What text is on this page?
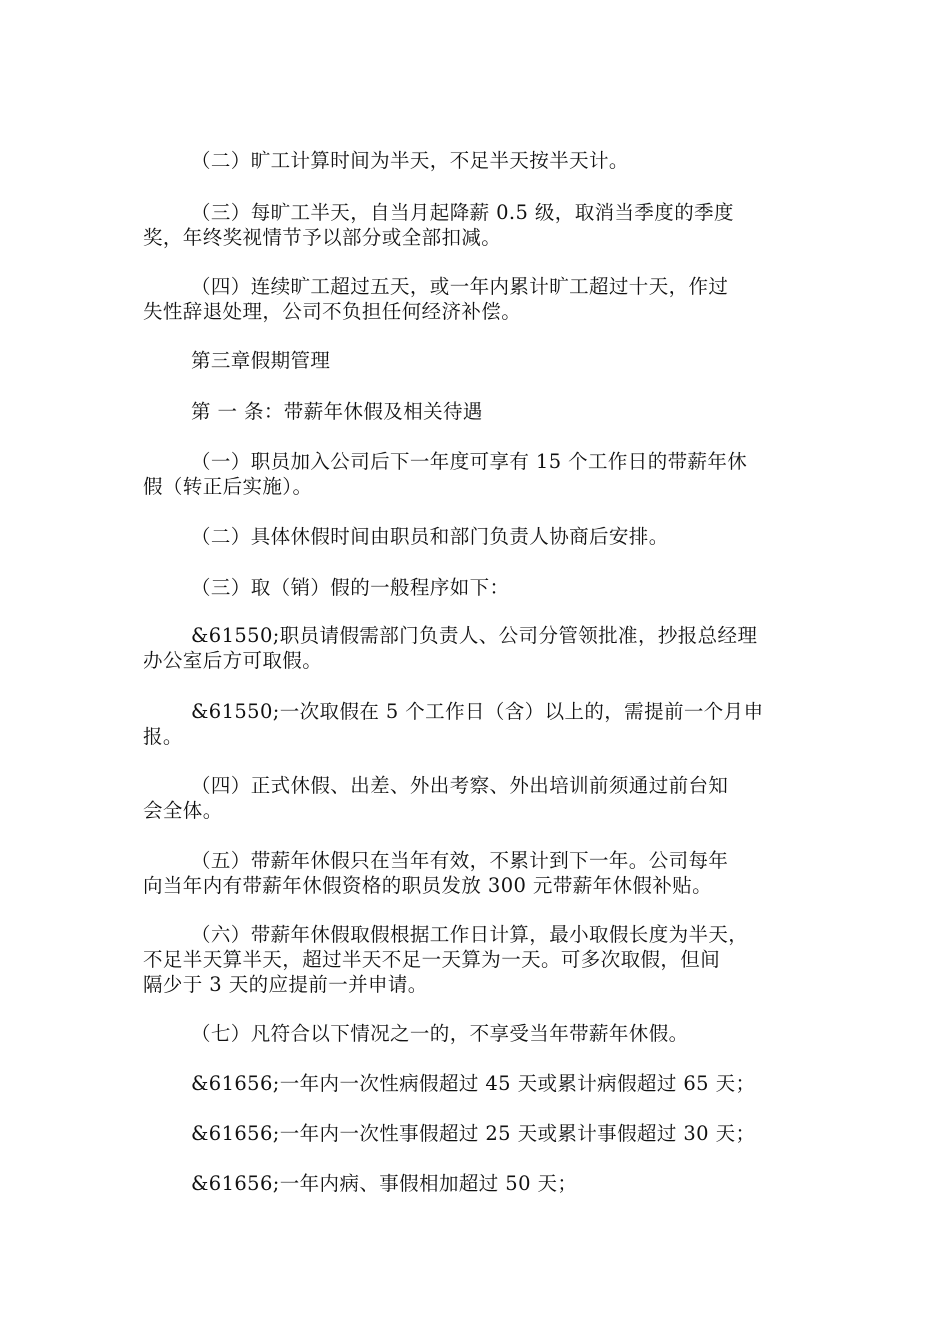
（二）旷工计算时间为半天，不足半天按半天计。

（三）每旷工半天，自当月起降薪 0.5 级，取消当季度的季度
奖，年终奖视情节予以部分或全部扣减。

（四）连续旷工超过五天，或一年内累计旷工超过十天，作过
失性辞退处理，公司不负担任何经济补偿。

第三章假期管理

第 一 条：带薪年休假及相关待遇

（一）职员加入公司后下一年度可享有 15 个工作日的带薪年休
假（转正后实施）。

（二）具体休假时间由职员和部门负责人协商后安排。

（三）取（销）假的一般程序如下：

&61550;职员请假需部门负责人、公司分管领批准，抄报总经理
办公室后方可取假。

&61550;一次取假在 5 个工作日（含）以上的，需提前一个月申
报。

（四）正式休假、出差、外出考察、外出培训前须通过前台知
会全体。

（五）带薪年休假只在当年有效，不累计到下一年。公司每年
向当年内有带薪年休假资格的职员发放 300 元带薪年休假补贴。

（六）带薪年休假取假根据工作日计算，最小取假长度为半天，
不足半天算半天，超过半天不足一天算为一天。可多次取假，但间
隔少于 3 天的应提前一并申请。

（七）凡符合以下情况之一的，不享受当年带薪年休假。

&61656;一年内一次性病假超过 45 天或累计病假超过 65 天；

&61656;一年内一次性事假超过 25 天或累计事假超过 30 天；

&61656;一年内病、事假相加超过 50 天；
